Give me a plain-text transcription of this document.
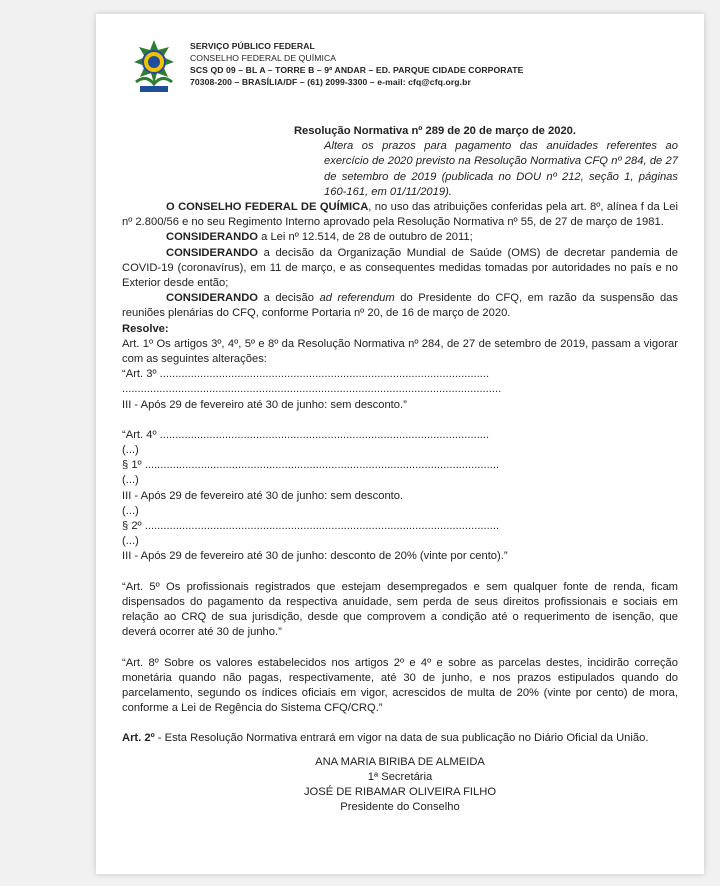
SERVIÇO PÚBLICO FEDERAL
CONSELHO FEDERAL DE QUÍMICA
SCS QD 09 – BL A – TORRE B – 9º ANDAR – ED. PARQUE CIDADE CORPORATE
70308-200 – BRASÍLIA/DF – (61) 2099-3300 – e-mail: cfq@cfq.org.br
Resolução Normativa nº 289 de 20 de março de 2020.
Altera os prazos para pagamento das anuidades referentes ao exercício de 2020 previsto na Resolução Normativa CFQ nº 284, de 27 de setembro de 2019 (publicada no DOU nº 212, seção 1, páginas 160-161, em 01/11/2019).

O CONSELHO FEDERAL DE QUÍMICA, no uso das atribuições conferidas pela art. 8º, alínea f da Lei nº 2.800/56 e no seu Regimento Interno aprovado pela Resolução Normativa nº 55, de 27 de março de 1981.

CONSIDERANDO a Lei nº 12.514, de 28 de outubro de 2011;

CONSIDERANDO a decisão da Organização Mundial de Saúde (OMS) de decretar pandemia de COVID-19 (coronavírus), em 11 de março, e as consequentes medidas tomadas por autoridades no país e no Exterior desde então;

CONSIDERANDO a decisão ad referendum do Presidente do CFQ, em razão da suspensão das reuniões plenárias do CFQ, conforme Portaria nº 20, de 16 de março de 2020.

Resolve:

Art. 1º Os artigos 3º, 4º, 5º e 8º da Resolução Normativa nº 284, de 27 de setembro de 2019, passam a vigorar com as seguintes alterações:

“Art. 3º ..........................................................................................................

..........................................................................................................................

III - Após 29 de fevereiro até 30 de junho: sem desconto.”

“Art. 4º ..........................................................................................................

(...)

§ 1º ..................................................................................................................

(...)

III - Após 29 de fevereiro até 30 de junho: sem desconto.

(...)

§ 2º ..................................................................................................................

(...)

III - Após 29 de fevereiro até 30 de junho: desconto de 20% (vinte por cento).”

“Art. 5º Os profissionais registrados que estejam desempregados e sem qualquer fonte de renda, ficam dispensados do pagamento da respectiva anuidade, sem perda de seus direitos profissionais e sociais em relação ao CRQ de sua jurisdição, desde que comprovem a condição até o requerimento de isenção, que deverá ocorrer até 30 de junho.”

“Art. 8º Sobre os valores estabelecidos nos artigos 2º e 4º e sobre as parcelas destes, incidirão correção monetária quando não pagas, respectivamente, até 30 de junho, e nos prazos estipulados quando do parcelamento, segundo os índices oficiais em vigor, acrescidos de multa de 20% (vinte por cento) de mora, conforme a Lei de Regência do Sistema CFQ/CRQ.”

Art. 2º - Esta Resolução Normativa entrará em vigor na data de sua publicação no Diário Oficial da União.

ANA MARIA BIRIBA DE ALMEIDA
1ª Secretária
JOSÉ DE RIBAMAR OLIVEIRA FILHO
Presidente do Conselho
